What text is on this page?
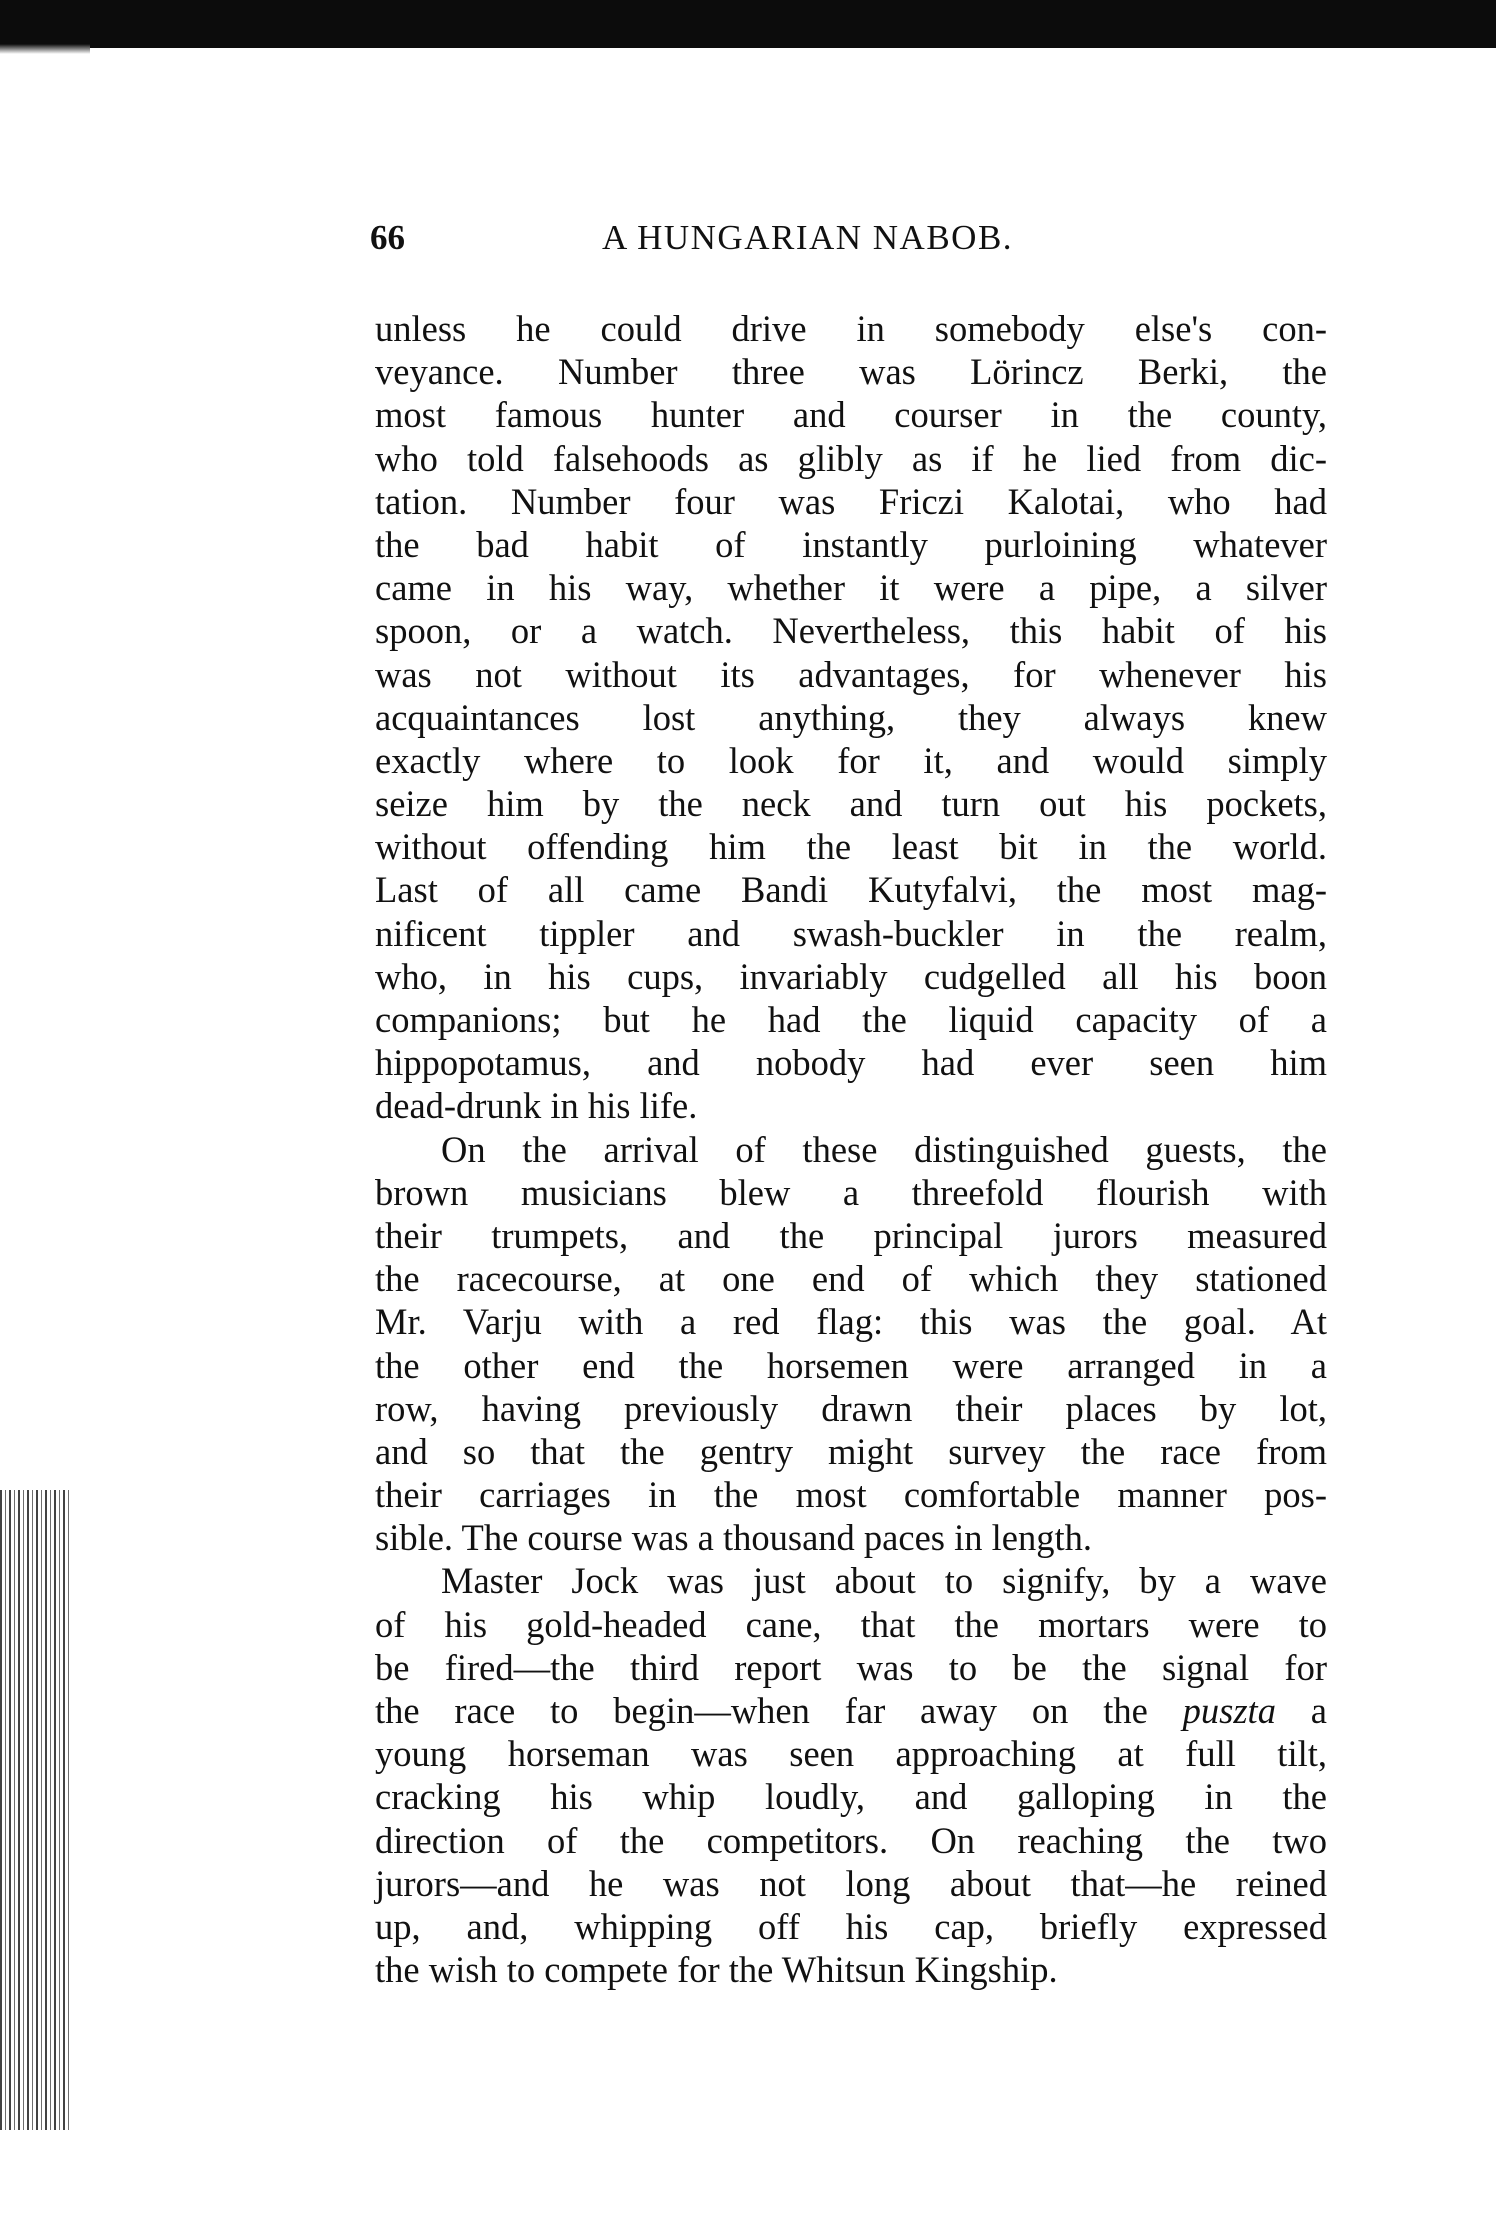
66	A HUNGARIAN NABOB.
unless he could drive in somebody else's con-
veyance. Number three was Lörincz Berki, the
most famous hunter and courser in the county,
who told falsehoods as glibly as if he lied from dic-
tation. Number four was Friczi Kalotai, who had
the bad habit of instantly purloining whatever
came in his way, whether it were a pipe, a silver
spoon, or a watch. Nevertheless, this habit of his
was not without its advantages, for whenever his
acquaintances lost anything, they always knew
exactly where to look for it, and would simply
seize him by the neck and turn out his pockets,
without offending him the least bit in the world.
Last of all came Bandi Kutyfalvi, the most mag-
nificent tippler and swash-buckler in the realm,
who, in his cups, invariably cudgelled all his boon
companions; but he had the liquid capacity of a
hippopotamus, and nobody had ever seen him
dead-drunk in his life.
On the arrival of these distinguished guests, the
brown musicians blew a threefold flourish with
their trumpets, and the principal jurors measured
the racecourse, at one end of which they stationed
Mr. Varju with a red flag: this was the goal. At
the other end the horsemen were arranged in a
row, having previously drawn their places by lot,
and so that the gentry might survey the race from
their carriages in the most comfortable manner pos-
sible. The course was a thousand paces in length.
Master Jock was just about to signify, by a wave
of his gold-headed cane, that the mortars were to
be fired—the third report was to be the signal for
the race to begin—when far away on the puszta a
young horseman was seen approaching at full tilt,
cracking his whip loudly, and galloping in the
direction of the competitors. On reaching the two
jurors—and he was not long about that—he reined
up, and, whipping off his cap, briefly expressed
the wish to compete for the Whitsun Kingship.
